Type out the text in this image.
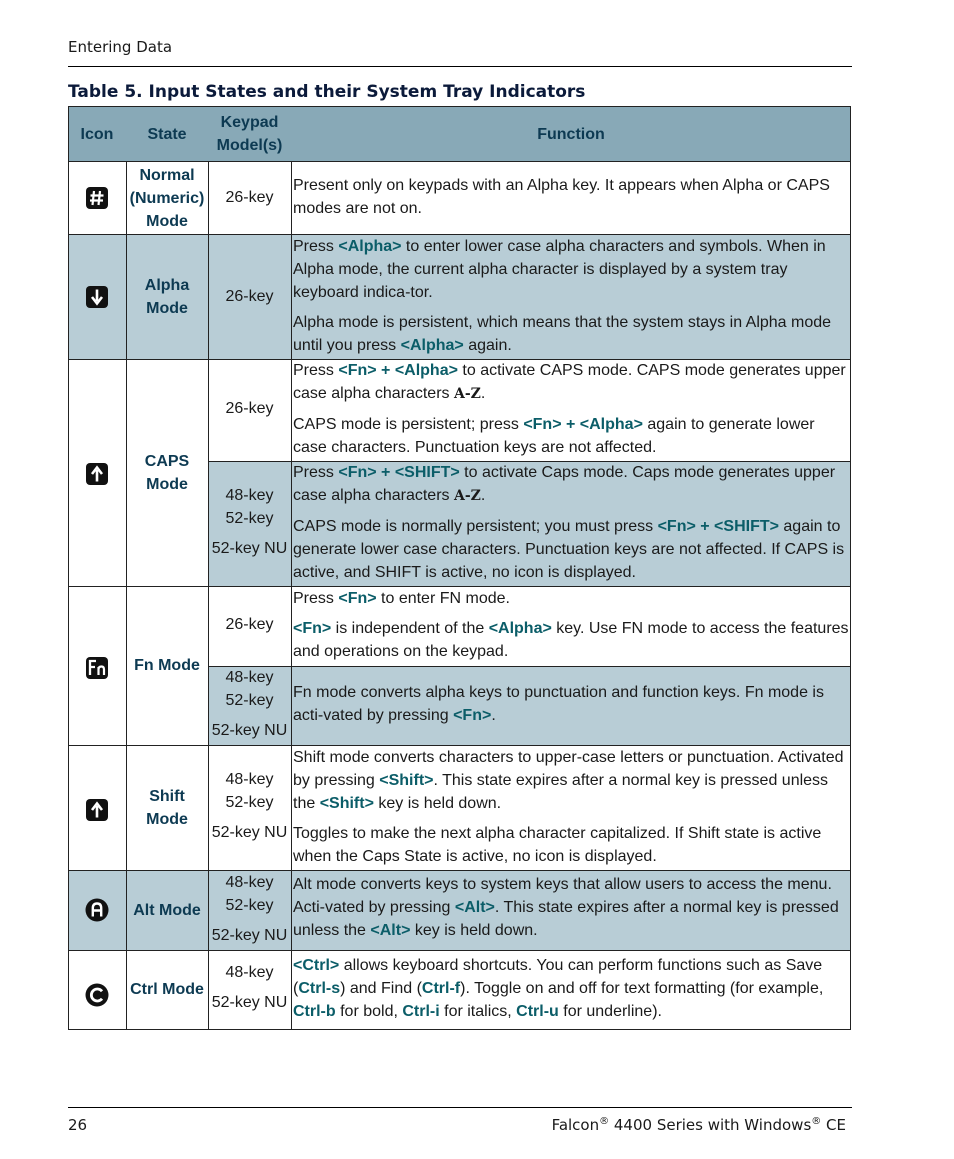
Entering Data
Table 5. Input States and their System Tray Indicators
Icon	State
Keypad Model(s)
Function
Normal (Numeric) Mode
Alpha Mode
CAPS Mode
Fn Mode
Shift Mode
Alt Mode
Ctrl Mode
26-key
26-key
26-key
48-key
52-key
52-key NU
26-key
48-key
52-key
52-key NU
48-key
52-key
52-key NU
48-key
52-key
52-key NU
48-key
52-key NU

Present only on keypads with an Alpha key. It appears when Alpha or CAPS modes are not on.

Press <Alpha> to enter lower case alpha characters and symbols. When in Alpha mode, the current alpha character is displayed by a system tray keyboard indica-tor.

Alpha mode is persistent, which means that the system stays in Alpha mode until you press <Alpha> again.

Press <Fn> + <Alpha> to activate CAPS mode. CAPS mode generates upper case alpha characters A-Z.

CAPS mode is persistent; press <Fn> + <Alpha> again to generate lower case characters. Punctuation keys are not affected.

Press <Fn> + <SHIFT> to activate Caps mode. Caps mode generates upper case alpha characters A-Z.

CAPS mode is normally persistent; you must press <Fn> + <SHIFT> again to generate lower case characters. Punctuation keys are not affected. If CAPS is active, and SHIFT is active, no icon is displayed.

Press <Fn> to enter FN mode.

<Fn> is independent of the <Alpha> key. Use FN mode to access the features and operations on the keypad.

Fn mode converts alpha keys to punctuation and function keys. Fn mode is acti-vated by pressing <Fn>.

Shift mode converts characters to upper-case letters or punctuation. Activated by pressing <Shift>. This state expires after a normal key is pressed unless the <Shift> key is held down.

Toggles to make the next alpha character capitalized. If Shift state is active when the Caps State is active, no icon is displayed.

Alt mode converts keys to system keys that allow users to access the menu. Acti-vated by pressing <Alt>. This state expires after a normal key is pressed unless the <Alt> key is held down.

<Ctrl> allows keyboard shortcuts. You can perform functions such as Save (Ctrl-s) and Find (Ctrl-f). Toggle on and off for text formatting (for example, Ctrl-b for bold, Ctrl-i for italics, Ctrl-u for underline).

26	Falcon® 4400 Series with Windows® CE
